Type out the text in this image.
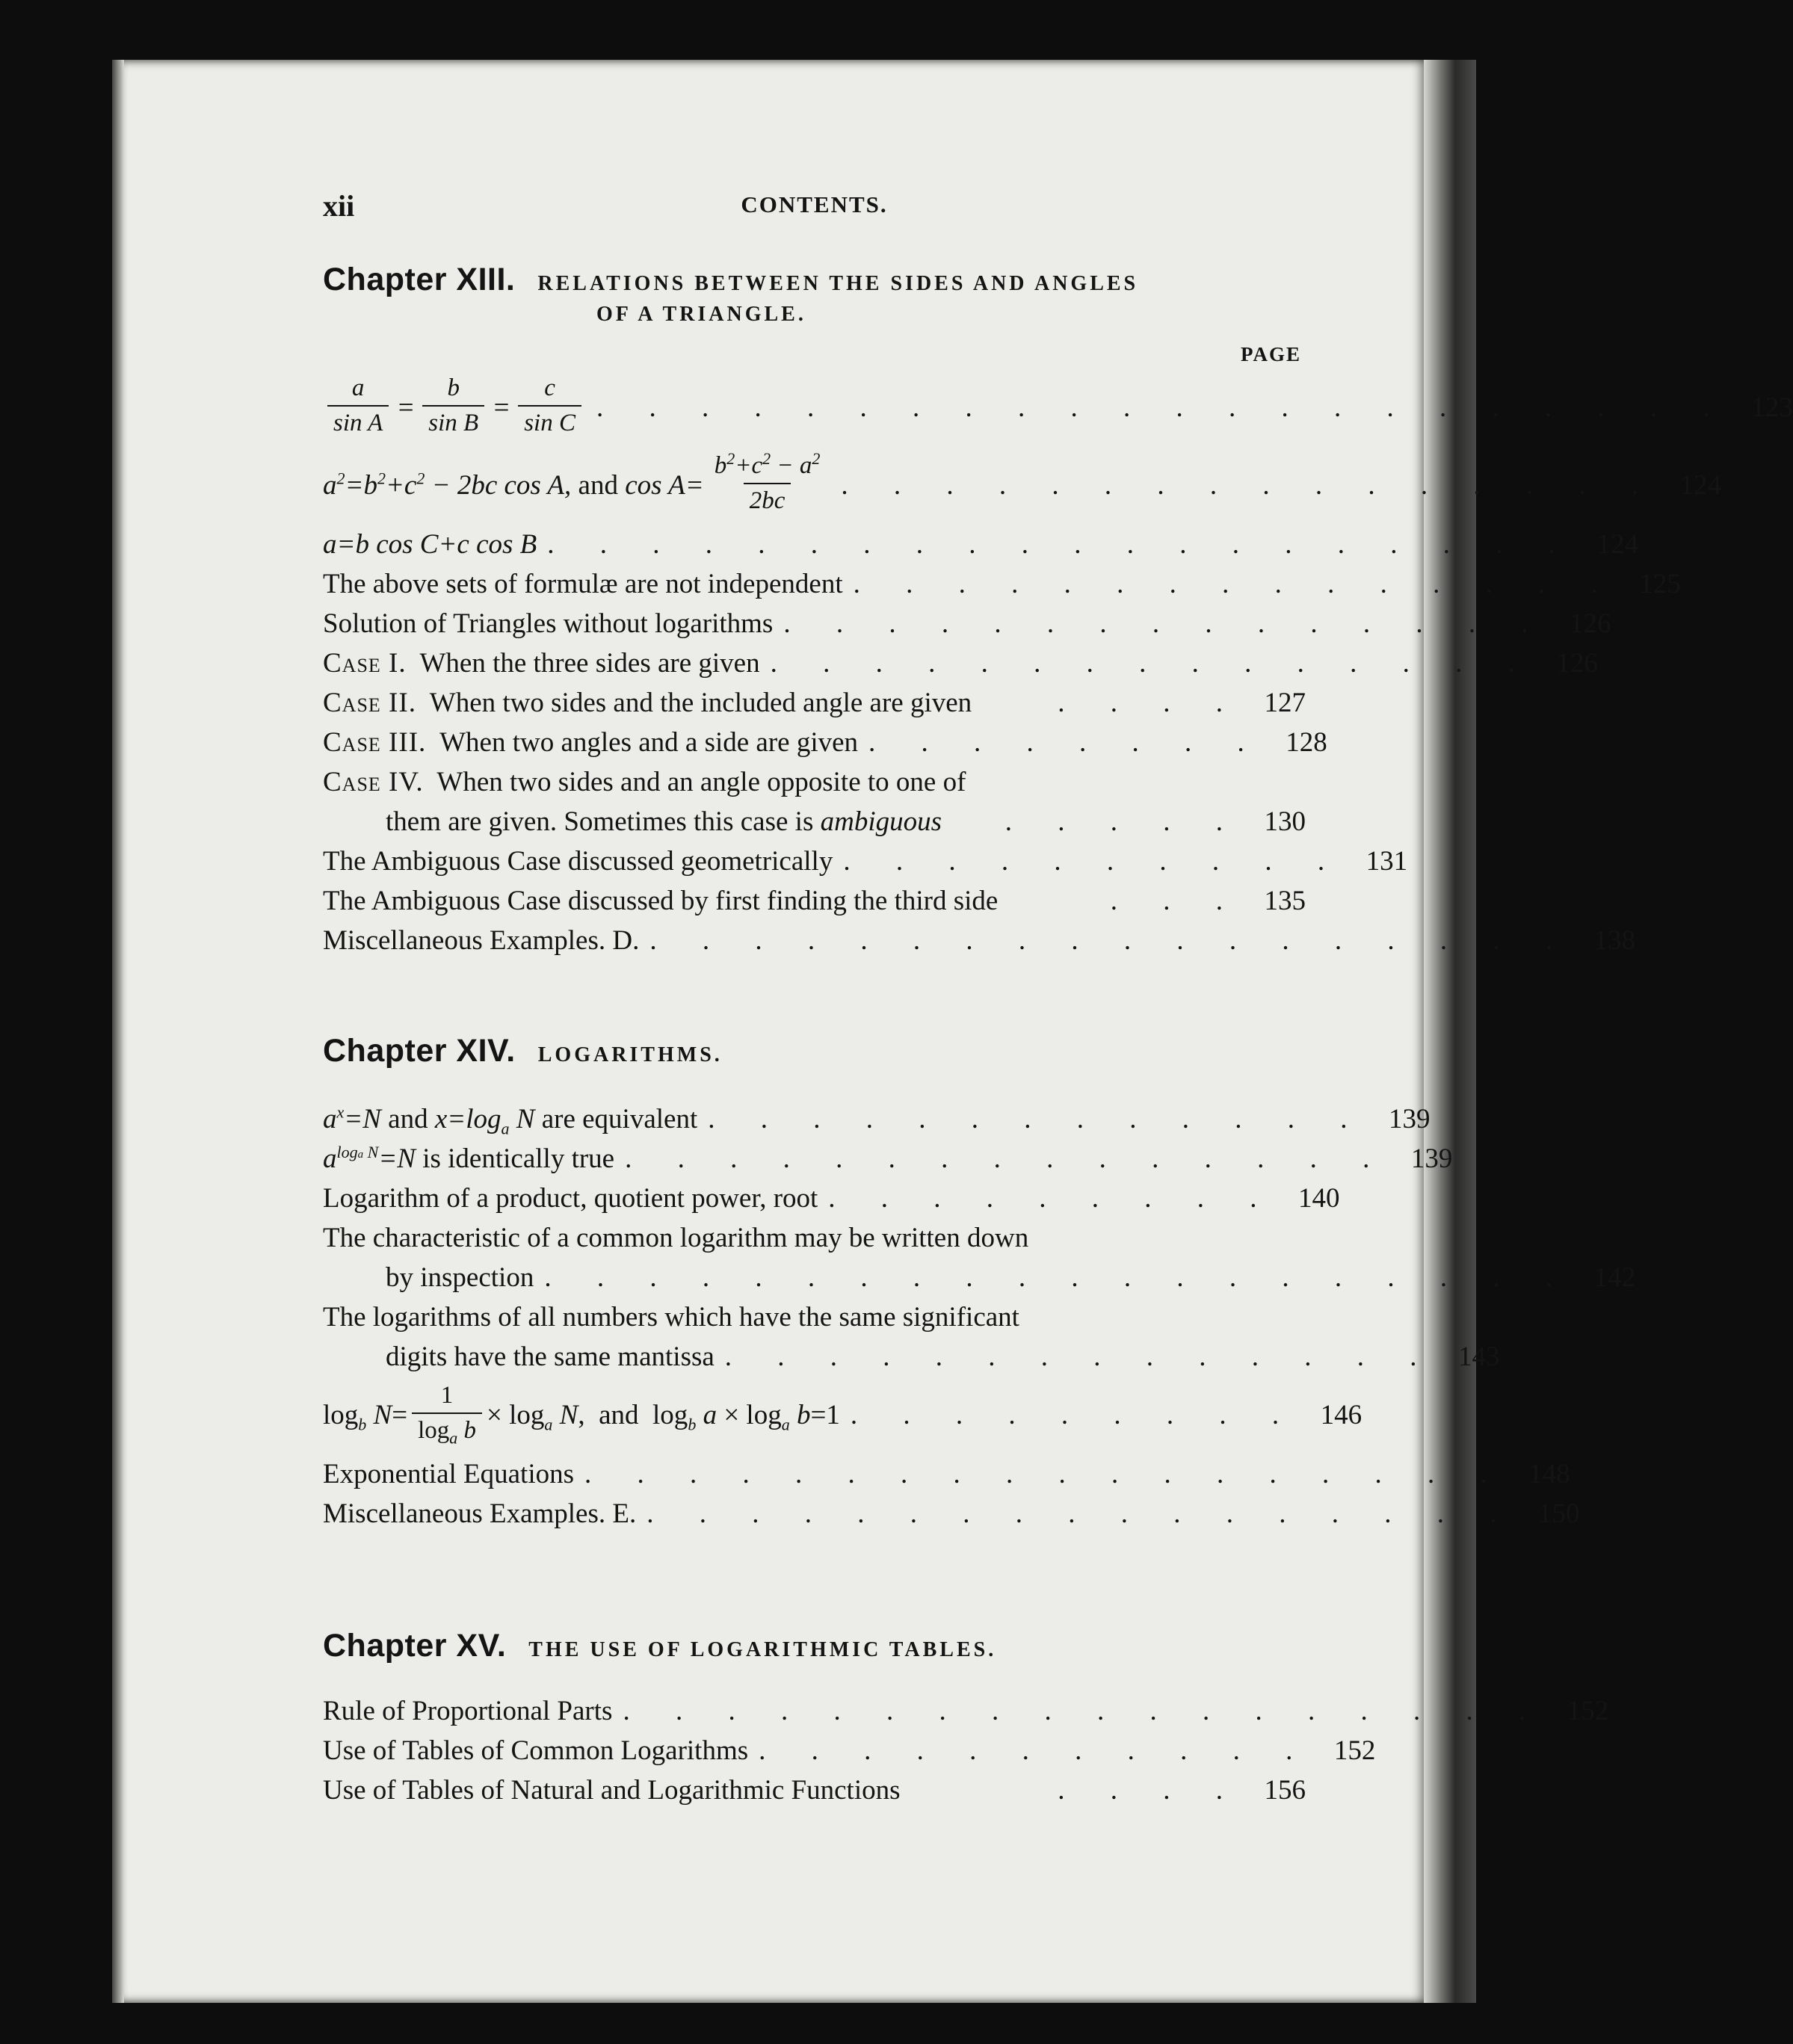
xii	CONTENTS.
Chapter XIII. RELATIONS BETWEEN THE SIDES AND ANGLES
OF A TRIANGLE.
PAGE
$\frac{a}{\text{sin A}} = \frac{b}{\text{sin B}} = \frac{c}{\text{sin C}}$ . . . . . . . . . . . . . . . . . . . . . . 123
$a^2=b^2+c^2 - 2bc$ cos A, and $\cos A= \frac{b^2+c^2 - a^2}{2bc}$ . . . . . . . . . . . . . . . . 124
a=b cos C+c cos B . . . . . . . . . . . . . . . . . . . . 124
The above sets of formulæ are not independent . . . . . . . . . . . . . . . 125
Solution of Triangles without logarithms . . . . . . . . . . . . . . . 126
Case I. When the three sides are given . . . . . . . . . . . . . . . 126
Case II. When two sides and the included angle are given	. . . . 127
Case III. When two angles and a side are given . . . . . . . . 128
Case IV. When two sides and an angle opposite to one of
them are given. Sometimes this case is ambiguous	. . . . . 130
The Ambiguous Case discussed geometrically . . . . . . . . . . 131
The Ambiguous Case discussed by first finding the third side	. . . 135
Miscellaneous Examples. D. . . . . . . . . . . . . . . . . . . 138
Chapter XIV. LOGARITHMS.
$a^x=N$ and $x=\log_a$ N are equivalent . . . . . . . . . . . . . 139
$a^{loga N}=N$ is identically true . . . . . . . . . . . . . . . 139
Logarithm of a product, quotient power, root . . . . . . . . . 140
The characteristic of a common logarithm may be written down
by inspection . . . . . . . . . . . . . . . . . . . . 142
The logarithms of all numbers which have the same significant
digits have the same mantissa . . . . . . . . . . . . . . 143
$\log_b N= \frac{1}{\log_a b} \times \log_a N$,  and  $\log_b a \times \log_a b=1$ . . . . . . . . . 146
Exponential Equations . . . . . . . . . . . . . . . . . . 148
Miscellaneous Examples. E. . . . . . . . . . . . . . . . . . 150
Chapter XV. THE USE OF LOGARITHMIC TABLES.
Rule of Proportional Parts . . . . . . . . . . . . . . . . . . 152
Use of Tables of Common Logarithms . . . . . . . . . . . 152
Use of Tables of Natural and Logarithmic Functions	. . . . 156
